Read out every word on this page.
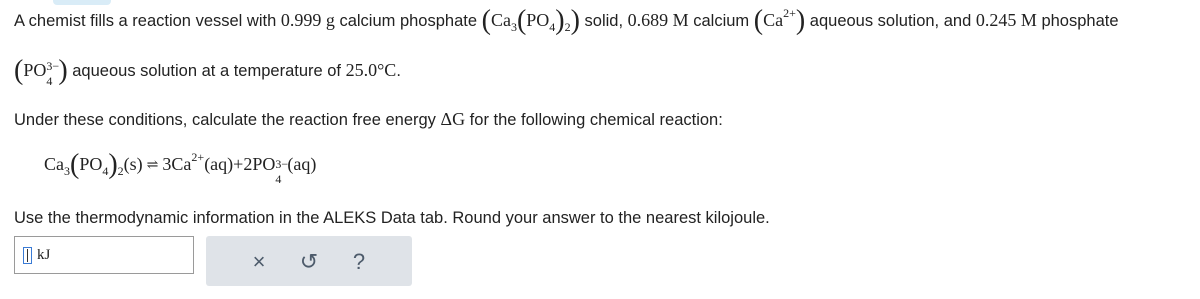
A chemist fills a reaction vessel with 0.999 g calcium phosphate $(Ca_3(PO_4)_2)$ solid, 0.689 M calcium $(Ca^{2+})$ aqueous solution, and 0.245 M phosphate
(PO 3−
4 ) aqueous solution at a temperature of 25.0°C.
Under these conditions, calculate the reaction free energy ΔG for the following chemical reaction:
$Ca_3(PO_4)_2(s)$ ⇌ $3Ca^{2+}(aq)+2PO$ 3−
4
(aq)
Use the thermodynamic information in the ALEKS Data tab. Round your answer to the nearest kilojoule.
kJ	× ↺ ?
